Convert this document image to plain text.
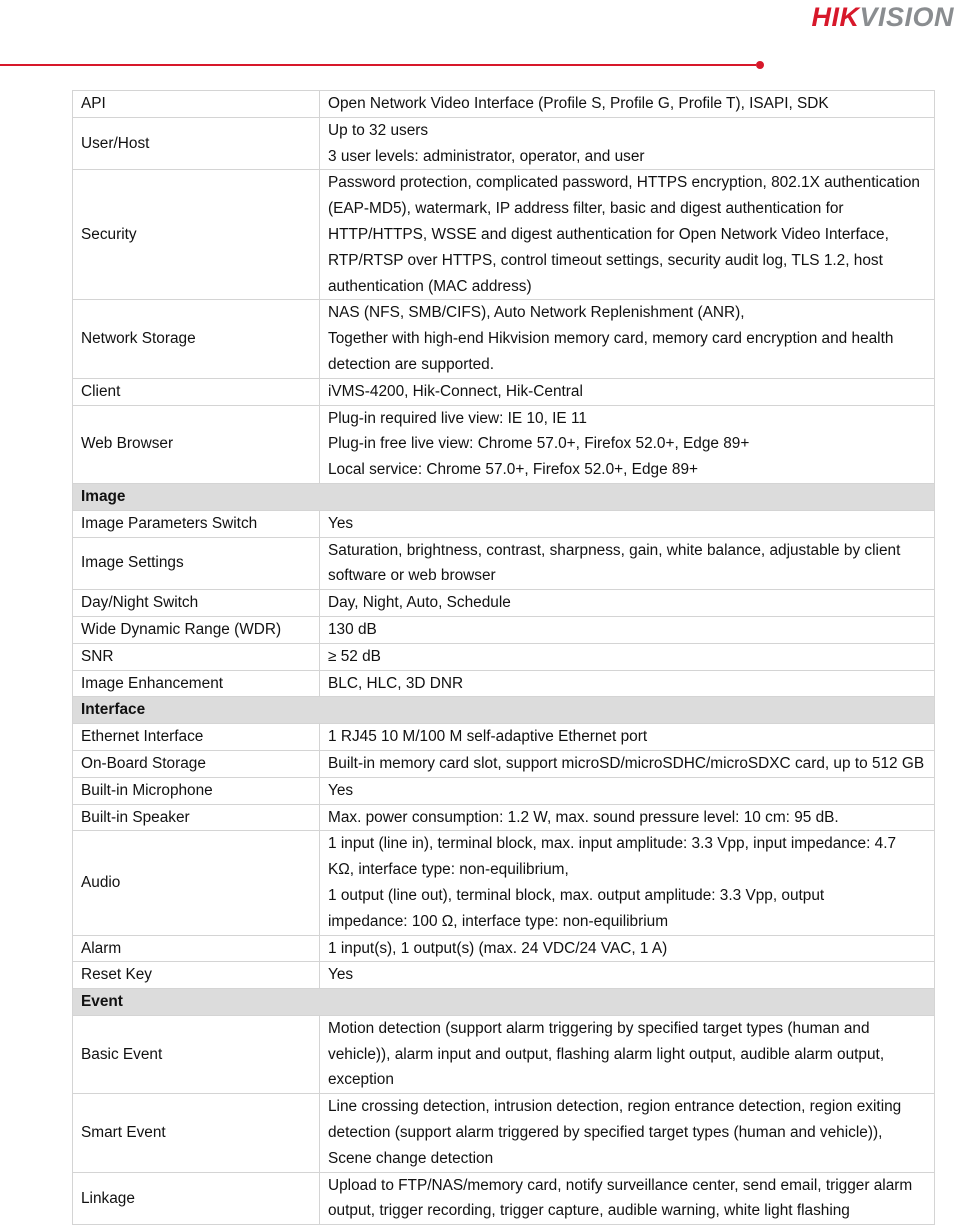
HIKVISION
API	Open Network Video Interface (Profile S, Profile G, Profile T), ISAPI, SDK

User/Host	Up to 32 users
3 user levels: administrator, operator, and user

Security	Password protection, complicated password, HTTPS encryption, 802.1X authentication
(EAP-MD5), watermark, IP address filter, basic and digest authentication for
HTTP/HTTPS, WSSE and digest authentication for Open Network Video Interface,
RTP/RTSP over HTTPS, control timeout settings, security audit log, TLS 1.2, host
authentication (MAC address)

Network Storage	NAS (NFS, SMB/CIFS), Auto Network Replenishment (ANR),
Together with high-end Hikvision memory card, memory card encryption and health
detection are supported.

Client	iVMS-4200, Hik-Connect, Hik-Central

Web Browser	Plug-in required live view: IE 10, IE 11
Plug-in free live view: Chrome 57.0+, Firefox 52.0+, Edge 89+
Local service: Chrome 57.0+, Firefox 52.0+, Edge 89+

Image	
Image Parameters Switch	Yes

Image Settings	Saturation, brightness, contrast, sharpness, gain, white balance, adjustable by client
software or web browser

Day/Night Switch	Day, Night, Auto, Schedule

Wide Dynamic Range (WDR)	130 dB

SNR	≥ 52 dB

Image Enhancement	BLC, HLC, 3D DNR

Interface	
Ethernet Interface	1 RJ45 10 M/100 M self-adaptive Ethernet port

On-Board Storage	Built-in memory card slot, support microSD/microSDHC/microSDXC card, up to 512 GB

Built-in Microphone	Yes

Built-in Speaker	Max. power consumption: 1.2 W, max. sound pressure level: 10 cm: 95 dB.

Audio	1 input (line in), terminal block, max. input amplitude: 3.3 Vpp, input impedance: 4.7
KΩ, interface type: non-equilibrium,
1 output (line out), terminal block, max. output amplitude: 3.3 Vpp, output
impedance: 100 Ω, interface type: non-equilibrium

Alarm	1 input(s), 1 output(s) (max. 24 VDC/24 VAC, 1 A)

Reset Key	Yes

Event	
Basic Event	Motion detection (support alarm triggering by specified target types (human and
vehicle)), alarm input and output, flashing alarm light output, audible alarm output,
exception

Smart Event	Line crossing detection, intrusion detection, region entrance detection, region exiting
detection (support alarm triggered by specified target types (human and vehicle)),
Scene change detection

Linkage	Upload to FTP/NAS/memory card, notify surveillance center, send email, trigger alarm
output, trigger recording, trigger capture, audible warning, white light flashing
